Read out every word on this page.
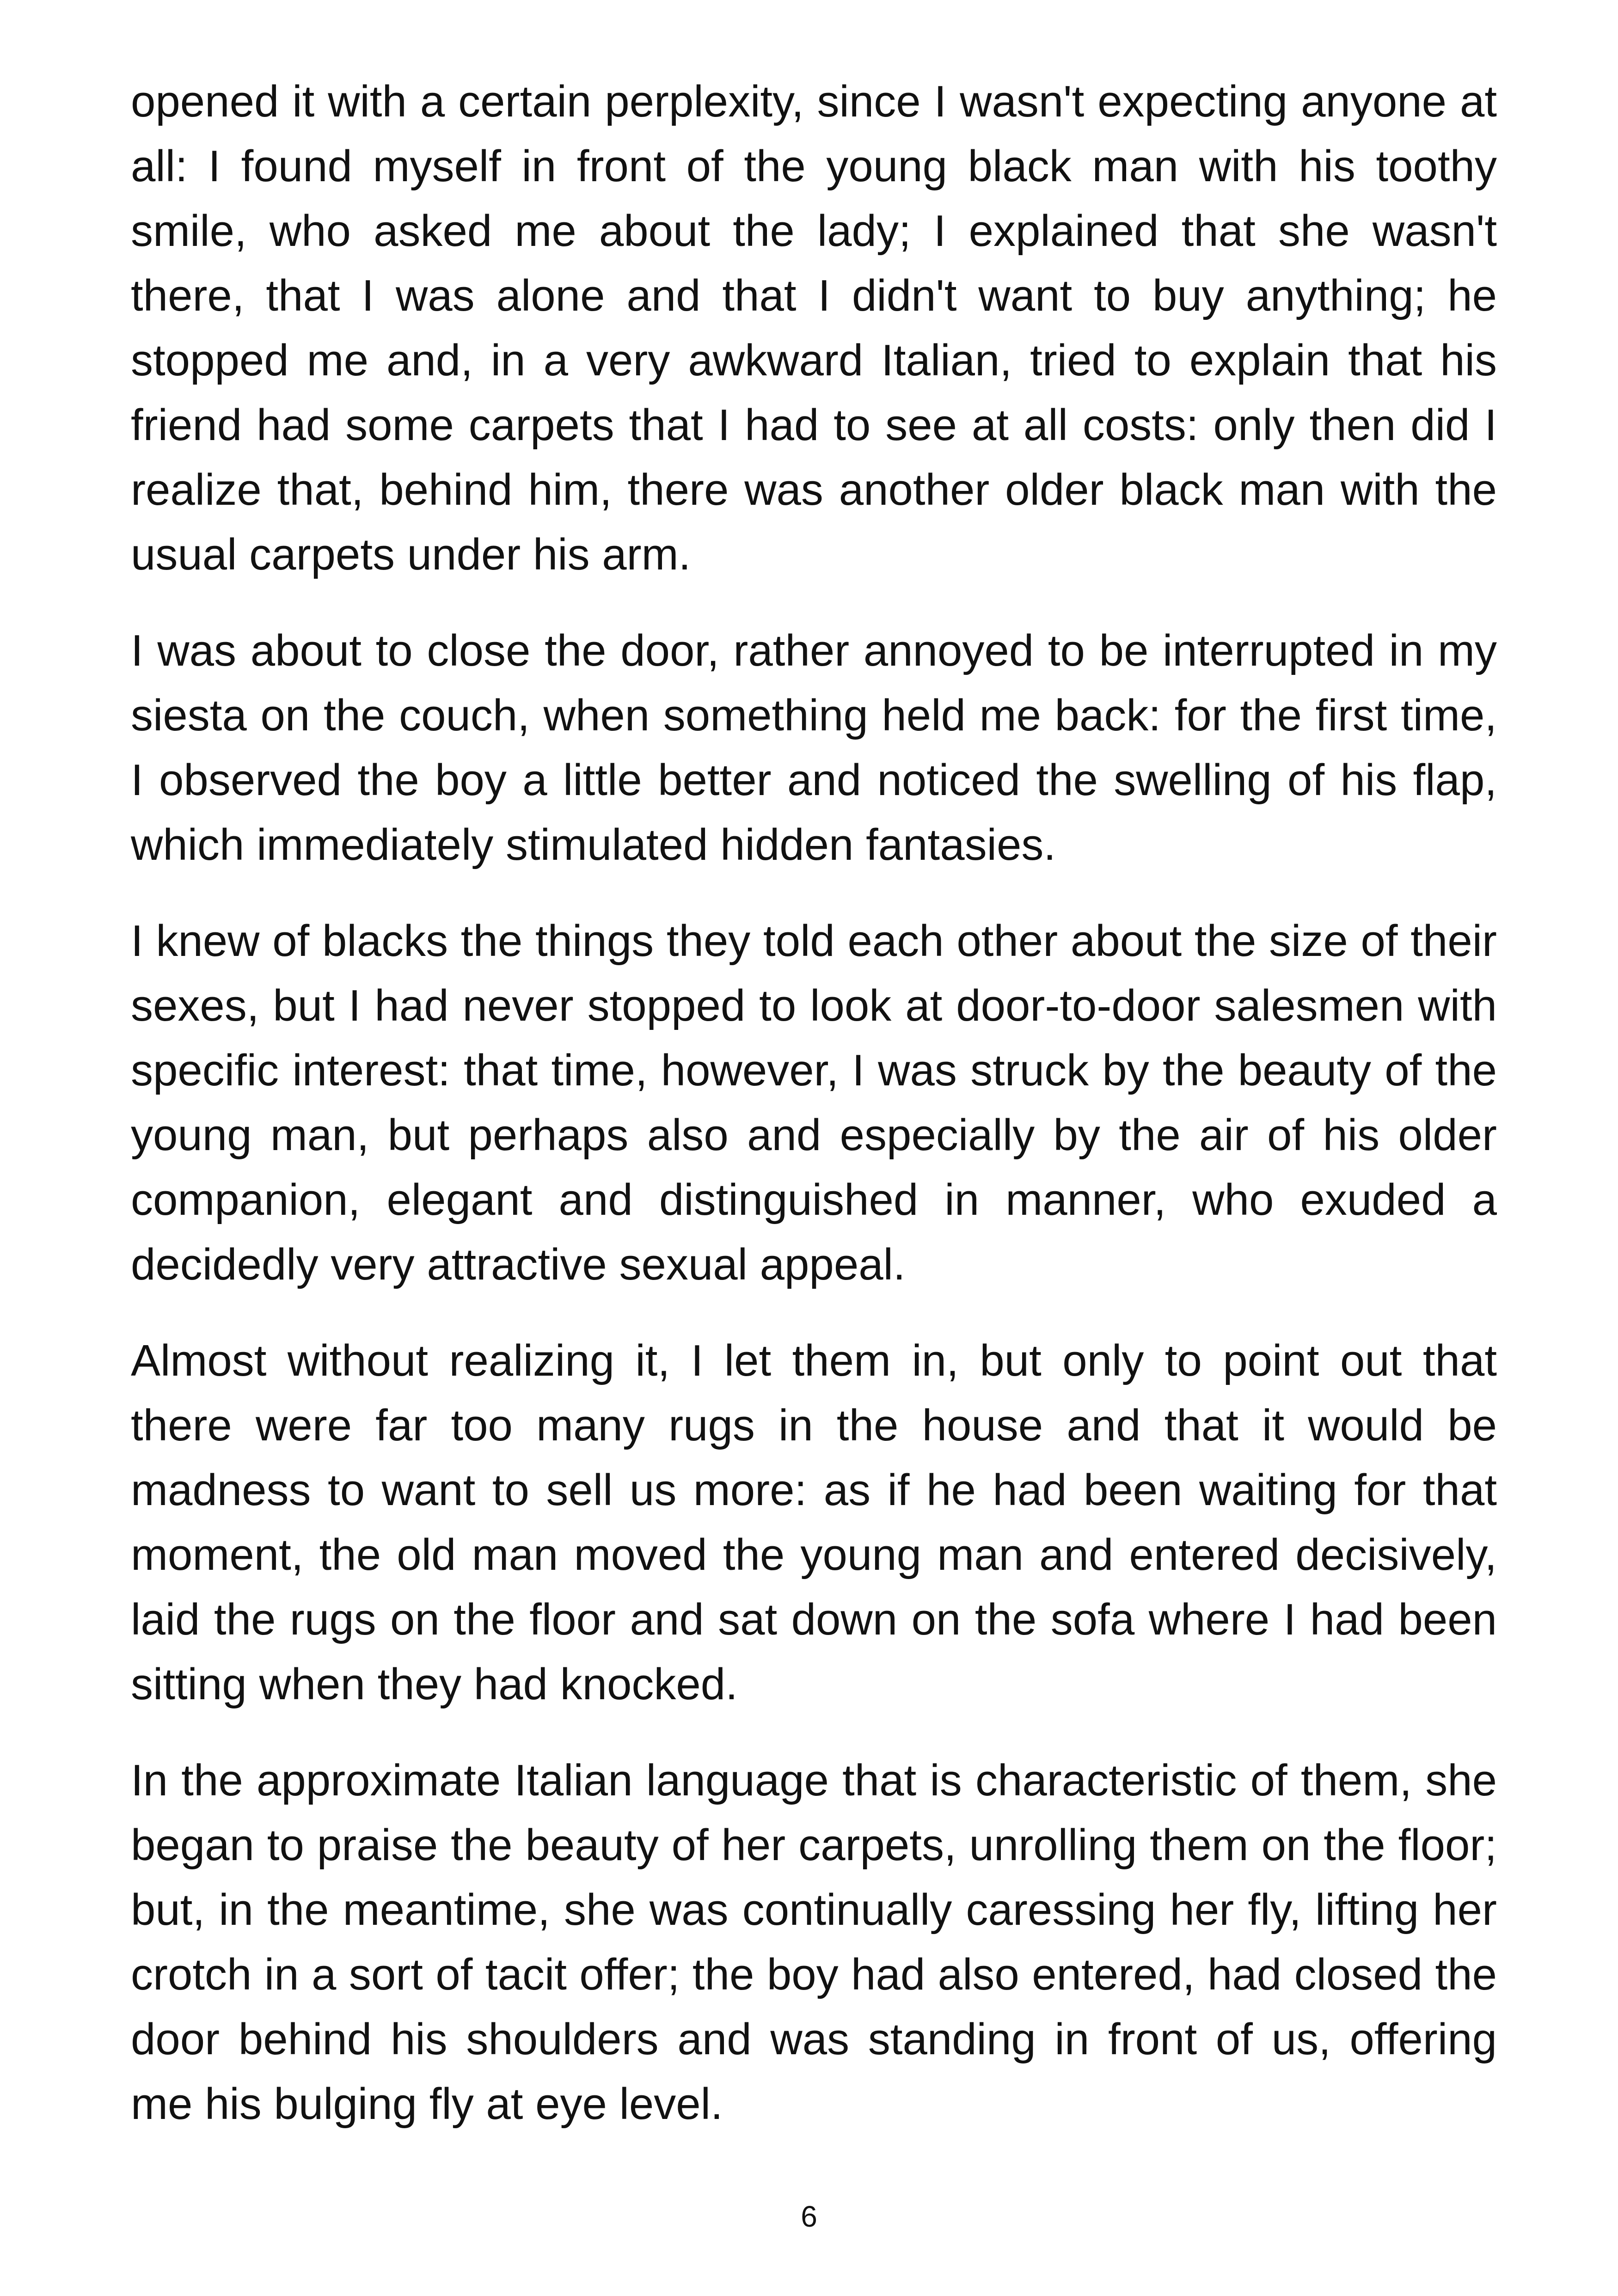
opened it with a certain perplexity, since I wasn't expecting anyone at all: I found myself in front of the young black man with his toothy smile, who asked me about the lady; I explained that she wasn't there, that I was alone and that I didn't want to buy anything; he stopped me and, in a very awkward Italian, tried to explain that his friend had some carpets that I had to see at all costs: only then did I realize that, behind him, there was another older black man with the usual carpets under his arm.

I was about to close the door, rather annoyed to be interrupted in my siesta on the couch, when something held me back: for the first time, I observed the boy a little better and noticed the swelling of his flap, which immediately stimulated hidden fantasies.

I knew of blacks the things they told each other about the size of their sexes, but I had never stopped to look at door-to-door salesmen with specific interest: that time, however, I was struck by the beauty of the young man, but perhaps also and especially by the air of his older companion, elegant and distinguished in manner, who exuded a decidedly very attractive sexual appeal.

Almost without realizing it, I let them in, but only to point out that there were far too many rugs in the house and that it would be madness to want to sell us more: as if he had been waiting for that moment, the old man moved the young man and entered decisively, laid the rugs on the floor and sat down on the sofa where I had been sitting when they had knocked.

In the approximate Italian language that is characteristic of them, she began to praise the beauty of her carpets, unrolling them on the floor; but, in the meantime, she was continually caressing her fly, lifting her crotch in a sort of tacit offer; the boy had also entered, had closed the door behind his shoulders and was standing in front of us, offering me his bulging fly at eye level.

6
